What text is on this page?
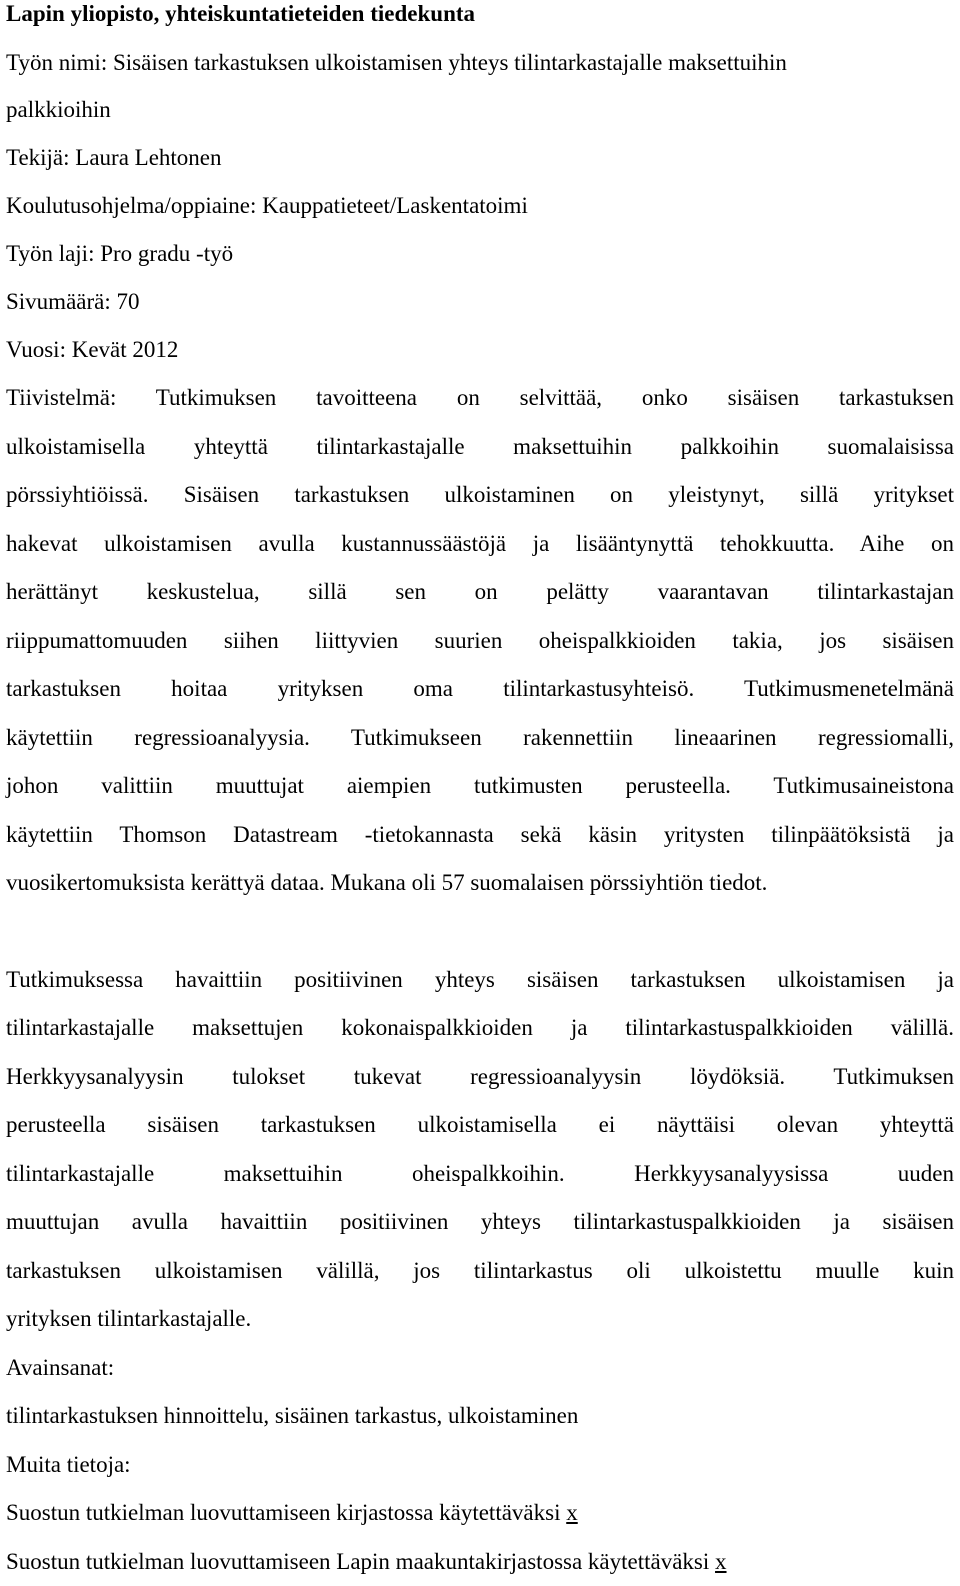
Lapin yliopisto, yhteiskuntatieteiden tiedekunta
Työn nimi: Sisäisen tarkastuksen ulkoistamisen yhteys tilintarkastajalle maksettuihin
palkkioihin
Tekijä: Laura Lehtonen
Koulutusohjelma/oppiaine: Kauppatieteet/Laskentatoimi
Työn laji: Pro gradu -työ
Sivumäärä: 70
Vuosi: Kevät 2012
Tiivistelmä: Tutkimuksen tavoitteena on selvittää, onko sisäisen tarkastuksen
ulkoistamisella yhteyttä tilintarkastajalle maksettuihin palkkoihin suomalaisissa
pörssiyhtiöissä. Sisäisen tarkastuksen ulkoistaminen on yleistynyt, sillä yritykset
hakevat ulkoistamisen avulla kustannussäästöjä ja lisääntynyttä tehokkuutta. Aihe on
herättänyt keskustelua, sillä sen on pelätty vaarantavan tilintarkastajan
riippumattomuuden siihen liittyvien suurien oheispalkkioiden takia, jos sisäisen
tarkastuksen hoitaa yrityksen oma tilintarkastusyhteisö. Tutkimusmenetelmänä
käytettiin regressioanalyysia. Tutkimukseen rakennettiin lineaarinen regressiomalli,
johon valittiin muuttujat aiempien tutkimusten perusteella. Tutkimusaineistona
käytettiin Thomson Datastream -tietokannasta sekä käsin yritysten tilinpäätöksistä ja
vuosikertomuksista kerättyä dataa. Mukana oli 57 suomalaisen pörssiyhtiön tiedot.
Tutkimuksessa havaittiin positiivinen yhteys sisäisen tarkastuksen ulkoistamisen ja
tilintarkastajalle maksettujen kokonaispalkkioiden ja tilintarkastuspalkkioiden välillä.
Herkkyysanalyysin tulokset tukevat regressioanalyysin löydöksiä. Tutkimuksen
perusteella sisäisen tarkastuksen ulkoistamisella ei näyttäisi olevan yhteyttä
tilintarkastajalle maksettuihin oheispalkkoihin. Herkkyysanalyysissa uuden
muuttujan avulla havaittiin positiivinen yhteys tilintarkastuspalkkioiden ja sisäisen
tarkastuksen ulkoistamisen välillä, jos tilintarkastus oli ulkoistettu muulle kuin
yrityksen tilintarkastajalle.
Avainsanat:
tilintarkastuksen hinnoittelu, sisäinen tarkastus, ulkoistaminen
Muita tietoja:
Suostun tutkielman luovuttamiseen kirjastossa käytettäväksi x
Suostun tutkielman luovuttamiseen Lapin maakuntakirjastossa käytettäväksi x
